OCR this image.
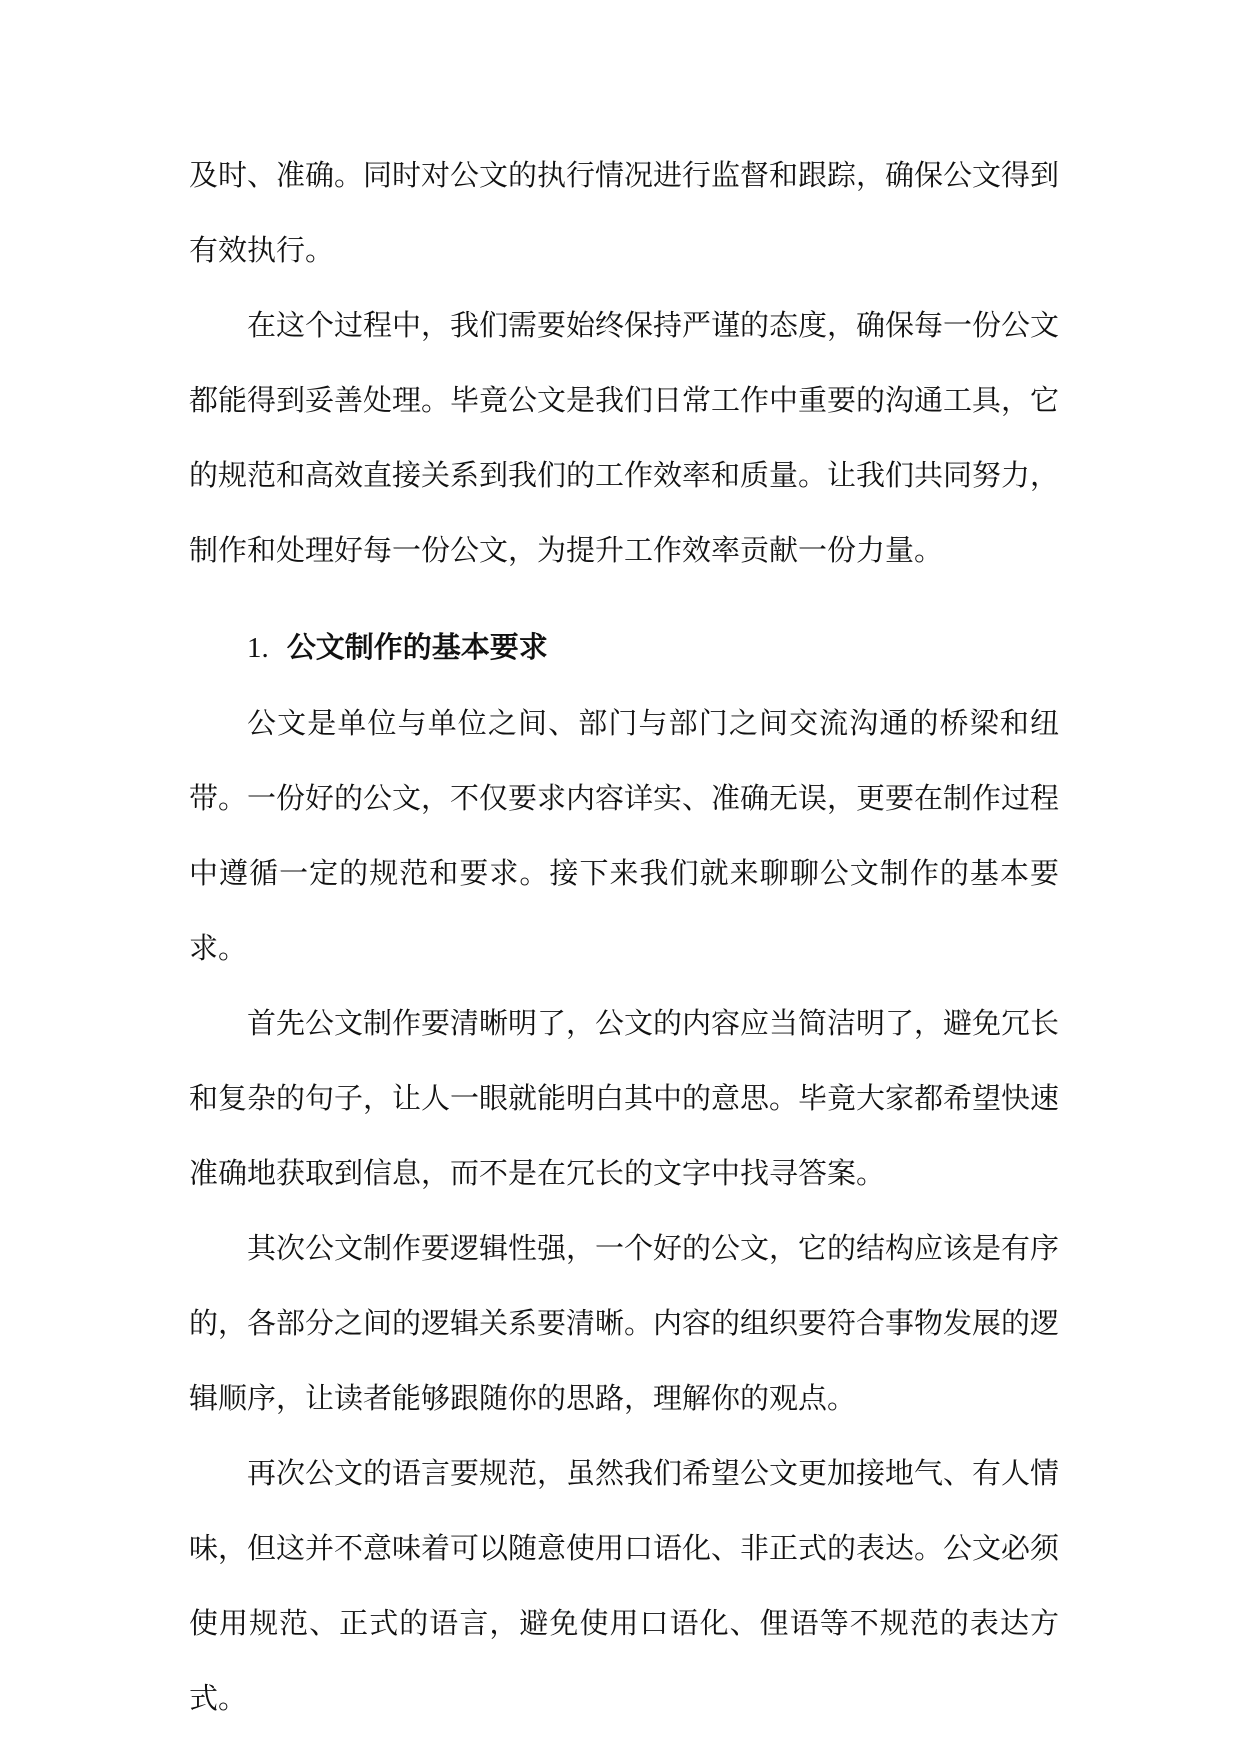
及时、准确。同时对公文的执行情况进行监督和跟踪，确保公文得到有效执行。

在这个过程中，我们需要始终保持严谨的态度，确保每一份公文都能得到妥善处理。毕竟公文是我们日常工作中重要的沟通工具，它的规范和高效直接关系到我们的工作效率和质量。让我们共同努力，制作和处理好每一份公文，为提升工作效率贡献一份力量。

1. 公文制作的基本要求

公文是单位与单位之间、部门与部门之间交流沟通的桥梁和纽带。一份好的公文，不仅要求内容详实、准确无误，更要在制作过程中遵循一定的规范和要求。接下来我们就来聊聊公文制作的基本要求。

首先公文制作要清晰明了，公文的内容应当简洁明了，避免冗长和复杂的句子，让人一眼就能明白其中的意思。毕竟大家都希望快速准确地获取到信息，而不是在冗长的文字中找寻答案。

其次公文制作要逻辑性强，一个好的公文，它的结构应该是有序的，各部分之间的逻辑关系要清晰。内容的组织要符合事物发展的逻辑顺序，让读者能够跟随你的思路，理解你的观点。

再次公文的语言要规范，虽然我们希望公文更加接地气、有人情味，但这并不意味着可以随意使用口语化、非正式的表达。公文必须使用规范、正式的语言，避免使用口语化、俚语等不规范的表达方式。
